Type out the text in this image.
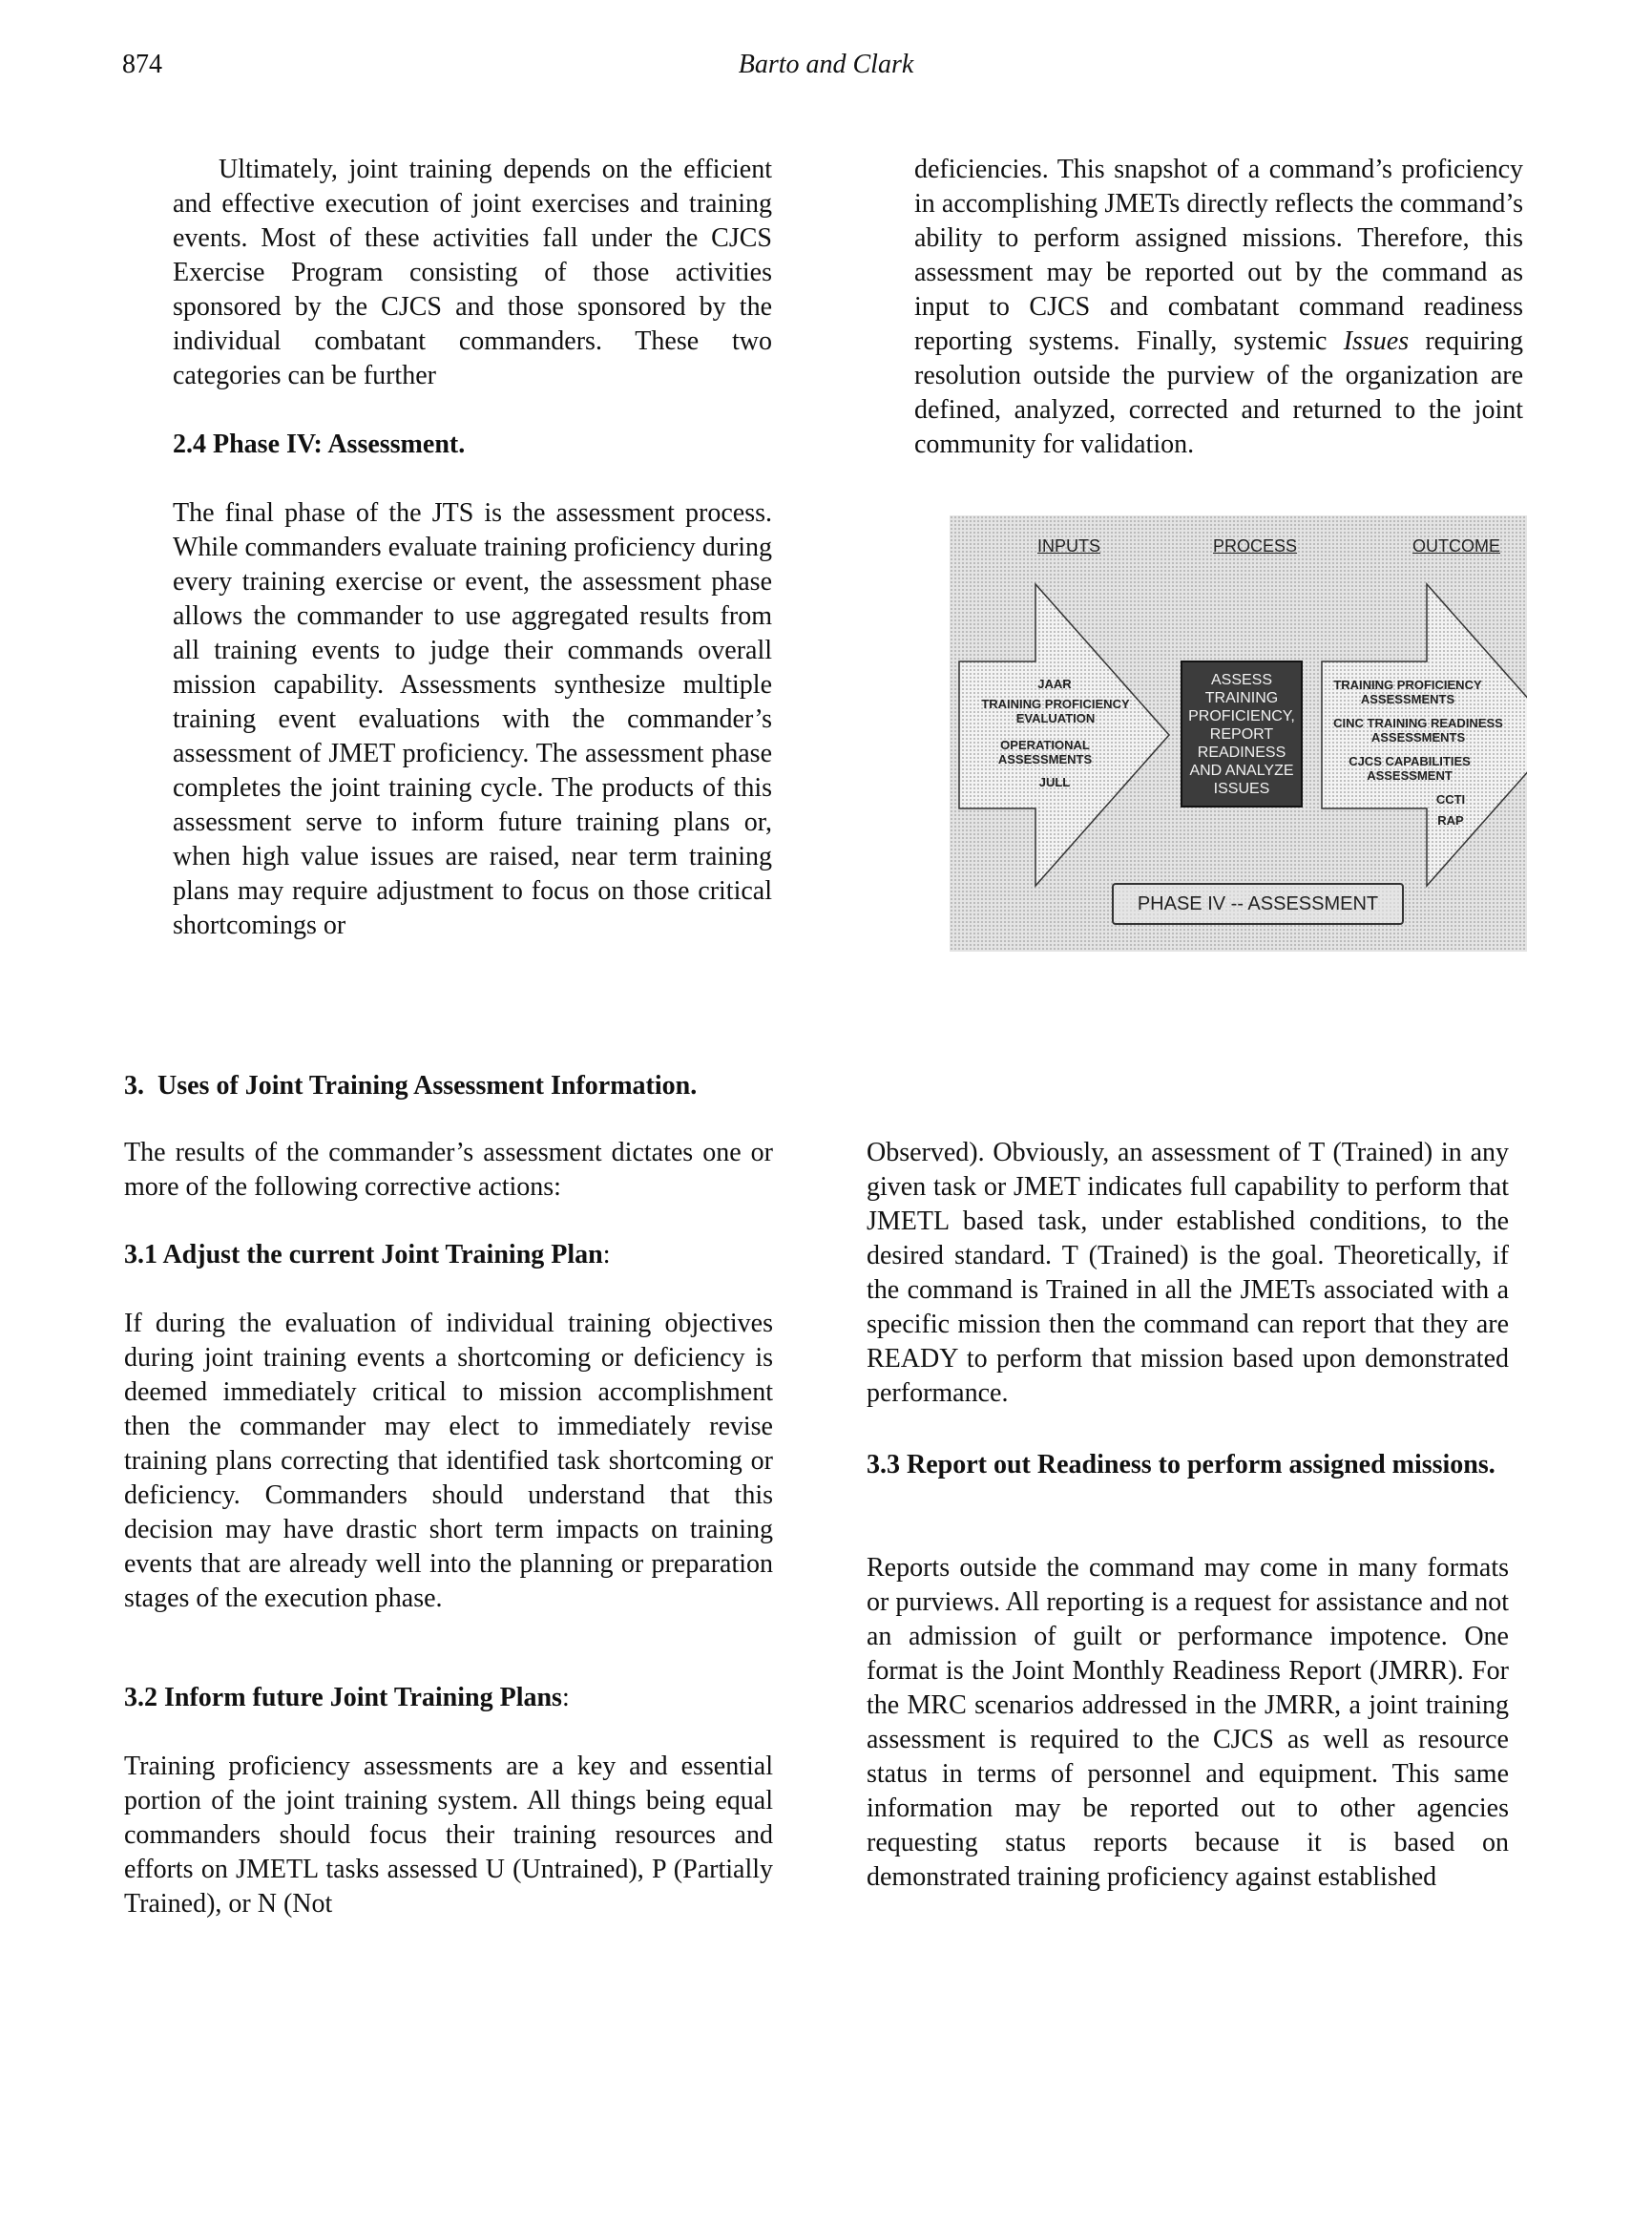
874	Barto and Clark

Ultimately, joint training depends on the efficient and effective execution of joint exercises and training events. Most of these activities fall under the CJCS Exercise Program consisting of those activities sponsored by the CJCS and those sponsored by the individual combatant commanders. These two categories can be further

2.4 Phase IV: Assessment.

The final phase of the JTS is the assessment process. While commanders evaluate training proficiency during every training exercise or event, the assessment phase allows the commander to use aggregated results from all training events to judge their commands overall mission capability. Assessments synthesize multiple training event evaluations with the commander’s assessment of JMET proficiency. The assessment phase completes the joint training cycle. The products of this assessment serve to inform future training plans or, when high value issues are raised, near term training plans may require adjustment to focus on those critical shortcomings or

deficiencies. This snapshot of a command’s proficiency in accomplishing JMETs directly reflects the command’s ability to perform assigned missions. Therefore, this assessment may be reported out by the command as input to CJCS and combatant command readiness reporting systems. Finally, systemic Issues requiring resolution outside the purview of the organization are defined, analyzed, corrected and returned to the joint community for validation.

INPUTS	PROCESS	OUTCOME
JAAR
TRAINING PROFICIENCY EVALUATION
OPERATIONAL ASSESSMENTS
JULL
ASSESS TRAINING PROFICIENCY, REPORT READINESS AND ANALYZE ISSUES
TRAINING PROFICIENCY ASSESSMENTS
CINC TRAINING READINESS ASSESSMENTS
CJCS CAPABILITIES ASSESSMENT
CCTI
RAP
PHASE IV -- ASSESSMENT

3. Uses of Joint Training Assessment Information.

The results of the commander’s assessment dictates one or more of the following corrective actions:

3.1 Adjust the current Joint Training Plan:

If during the evaluation of individual training objectives during joint training events a shortcoming or deficiency is deemed immediately critical to mission accomplishment then the commander may elect to immediately revise training plans correcting that identified task shortcoming or deficiency. Commanders should understand that this decision may have drastic short term impacts on training events that are already well into the planning or preparation stages of the execution phase.

3.2 Inform future Joint Training Plans:

Training proficiency assessments are a key and essential portion of the joint training system. All things being equal commanders should focus their training resources and efforts on JMETL tasks assessed U (Untrained), P (Partially Trained), or N (Not

Observed). Obviously, an assessment of T (Trained) in any given task or JMET indicates full capability to perform that JMETL based task, under established conditions, to the desired standard. T (Trained) is the goal. Theoretically, if the command is Trained in all the JMETs associated with a specific mission then the command can report that they are READY to perform that mission based upon demonstrated performance.

3.3 Report out Readiness to perform assigned missions.

Reports outside the command may come in many formats or purviews. All reporting is a request for assistance and not an admission of guilt or performance impotence. One format is the Joint Monthly Readiness Report (JMRR). For the MRC scenarios addressed in the JMRR, a joint training assessment is required to the CJCS as well as resource status in terms of personnel and equipment. This same information may be reported out to other agencies requesting status reports because it is based on demonstrated training proficiency against established
